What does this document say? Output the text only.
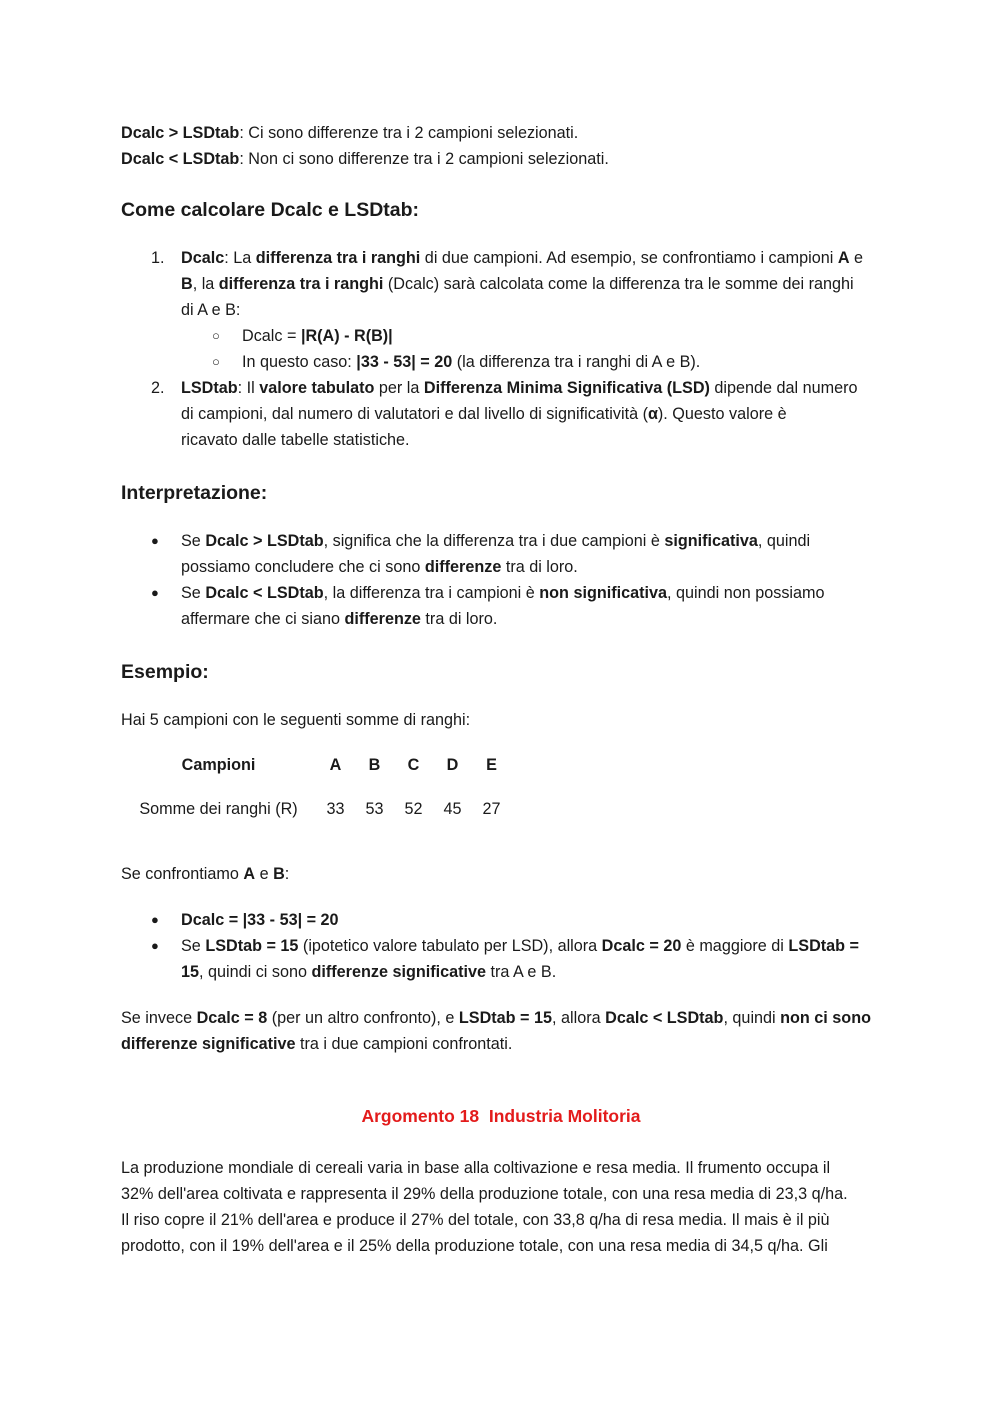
Dcalc > LSDtab: Ci sono differenze tra i 2 campioni selezionati.

Dcalc < LSDtab: Non ci sono differenze tra i 2 campioni selezionati.

Come calcolare Dcalc e LSDtab:
1. Dcalc: La differenza tra i ranghi di due campioni. Ad esempio, se confrontiamo i campioni A e
B, la differenza tra i ranghi (Dcalc) sarà calcolata come la differenza tra le somme dei ranghi
di A e B:
○ Dcalc = |R(A) - R(B)|
○ In questo caso: |33 - 53| = 20 (la differenza tra i ranghi di A e B).
2. LSDtab: Il valore tabulato per la Differenza Minima Significativa (LSD) dipende dal numero
di campioni, dal numero di valutatori e dal livello di significatività (α). Questo valore è
ricavato dalle tabelle statistiche.
Interpretazione:
● Se Dcalc > LSDtab, significa che la differenza tra i due campioni è significativa, quindi
possiamo concludere che ci sono differenze tra di loro.
● Se Dcalc < LSDtab, la differenza tra i campioni è non significativa, quindi non possiamo
affermare che ci siano differenze tra di loro.
Esempio:

Hai 5 campioni con le seguenti somme di ranghi:

Campioni	A	B	C	D	E
Somme dei ranghi (R)	33	53	52	45	27

Se confrontiamo A e B:

● Dcalc = |33 - 53| = 20
● Se LSDtab = 15 (ipotetico valore tabulato per LSD), allora Dcalc = 20 è maggiore di LSDtab =
15, quindi ci sono differenze significative tra A e B.
Se invece Dcalc = 8 (per un altro confronto), e LSDtab = 15, allora Dcalc < LSDtab, quindi non ci sono
differenze significative tra i due campioni confrontati.

Argomento 18  Industria Molitoria

La produzione mondiale di cereali varia in base alla coltivazione e resa media. Il frumento occupa il

32% dell'area coltivata e rappresenta il 29% della produzione totale, con una resa media di 23,3 q/ha.

Il riso copre il 21% dell'area e produce il 27% del totale, con 33,8 q/ha di resa media. Il mais è il più

prodotto, con il 19% dell'area e il 25% della produzione totale, con una resa media di 34,5 q/ha. Gli
